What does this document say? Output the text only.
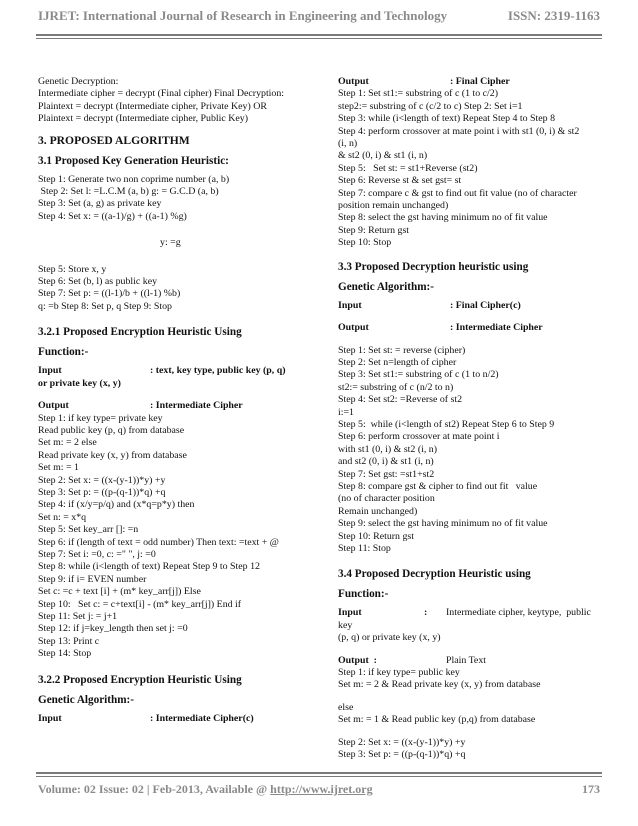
IJRET: International Journal of Research in Engineering and Technology	ISSN: 2319-1163
Genetic Decryption:
Intermediate cipher = decrypt (Final cipher) Final Decryption:
Plaintext = decrypt (Intermediate cipher, Private Key) OR
Plaintext = decrypt (Intermediate cipher, Public Key)
3. PROPOSED ALGORITHM
3.1 Proposed Key Generation Heuristic:
Step 1: Generate two non coprime number (a, b)
Step 2: Set l: =L.C.M (a, b) g: = G.C.D (a, b)
Step 3: Set (a, g) as private key
Step 4: Set x: = ((a-1)/g) + ((a-1) %g)
y: =g
Step 5: Store x, y
Step 6: Set (b, l) as public key
Step 7: Set p: = ((l-1)/b + ((l-1) %b)
q: =b Step 8: Set p, q Step 9: Stop
3.2.1 Proposed Encryption Heuristic Using
Function:-
Input	: text, key type, public key (p, q)
or private key (x, y)
Output	: Intermediate Cipher
Step 1: if key type= private key
Read public key (p, q) from database
Set m: = 2 else
Read private key (x, y) from database
Set m: = 1
Step 2: Set x: = ((x-(y-1))*y) +y
Step 3: Set p: = ((p-(q-1))*q) +q
Step 4: if (x/y=p/q) and (x*q=p*y) then
Set n: = x*q
Step 5: Set key_arr []: =n
Step 6: if (length of text = odd number) Then text: =text + @
Step 7: Set i: =0, c: =" ", j: =0
Step 8: while (i<length of text) Repeat Step 9 to Step 12
Step 9: if i= EVEN number
Set c: =c + text [i] + (m* key_arr[j]) Else
Step 10:   Set c: = c+text[i] - (m* key_arr[j]) End if
Step 11: Set j: = j+1
Step 12: if j=key_length then set j: =0
Step 13: Print c
Step 14: Stop
3.2.2 Proposed Encryption Heuristic Using
Genetic Algorithm:-
Input	: Intermediate Cipher(c)
Output	: Final Cipher
Step 1: Set st1:= substring of c (1 to c/2)
step2:= substring of c (c/2 to c) Step 2: Set i=1
Step 3: while (i<length of text) Repeat Step 4 to Step 8
Step 4: perform crossover at mate point i with st1 (0, i) & st2
(i, n)
& st2 (0, i) & st1 (i, n)
Step 5:   Set st: = st1+Reverse (st2)
Step 6: Reverse st & set gst= st
Step 7: compare c & gst to find out fit value (no of character
position remain unchanged)
Step 8: select the gst having minimum no of fit value
Step 9: Return gst
Step 10: Stop
3.3 Proposed Decryption heuristic using
Genetic Algorithm:-
Input	: Final Cipher(c)
Output	: Intermediate Cipher
Step 1: Set st: = reverse (cipher)
Step 2: Set n=length of cipher
Step 3: Set st1:= substring of c (1 to n/2)
st2:= substring of c (n/2 to n)
Step 4: Set st2: =Reverse of st2
i:=1
Step 5:  while (i<length of st2) Repeat Step 6 to Step 9
Step 6: perform crossover at mate point i
with st1 (0, i) & st2 (i, n)
and st2 (0, i) & st1 (i, n)
Step 7: Set gst: =st1+st2
Step 8: compare gst & cipher to find out fit   value
(no of character position
Remain unchanged)
Step 9: select the gst having minimum no of fit value
Step 10: Return gst
Step 11: Stop
3.4 Proposed Decryption Heuristic using
Function:-
Input	:	Intermediate cipher, keytype,  public
key
(p, q) or private key (x, y)
Output  :	Plain Text
Step 1: if key type= public key
Set m: = 2 & Read private key (x, y) from database
else
Set m: = 1 & Read public key (p,q) from database
Step 2: Set x: = ((x-(y-1))*y) +y
Step 3: Set p: = ((p-(q-1))*q) +q
Volume: 02 Issue: 02 | Feb-2013, Available @ http://www.ijret.org	173
